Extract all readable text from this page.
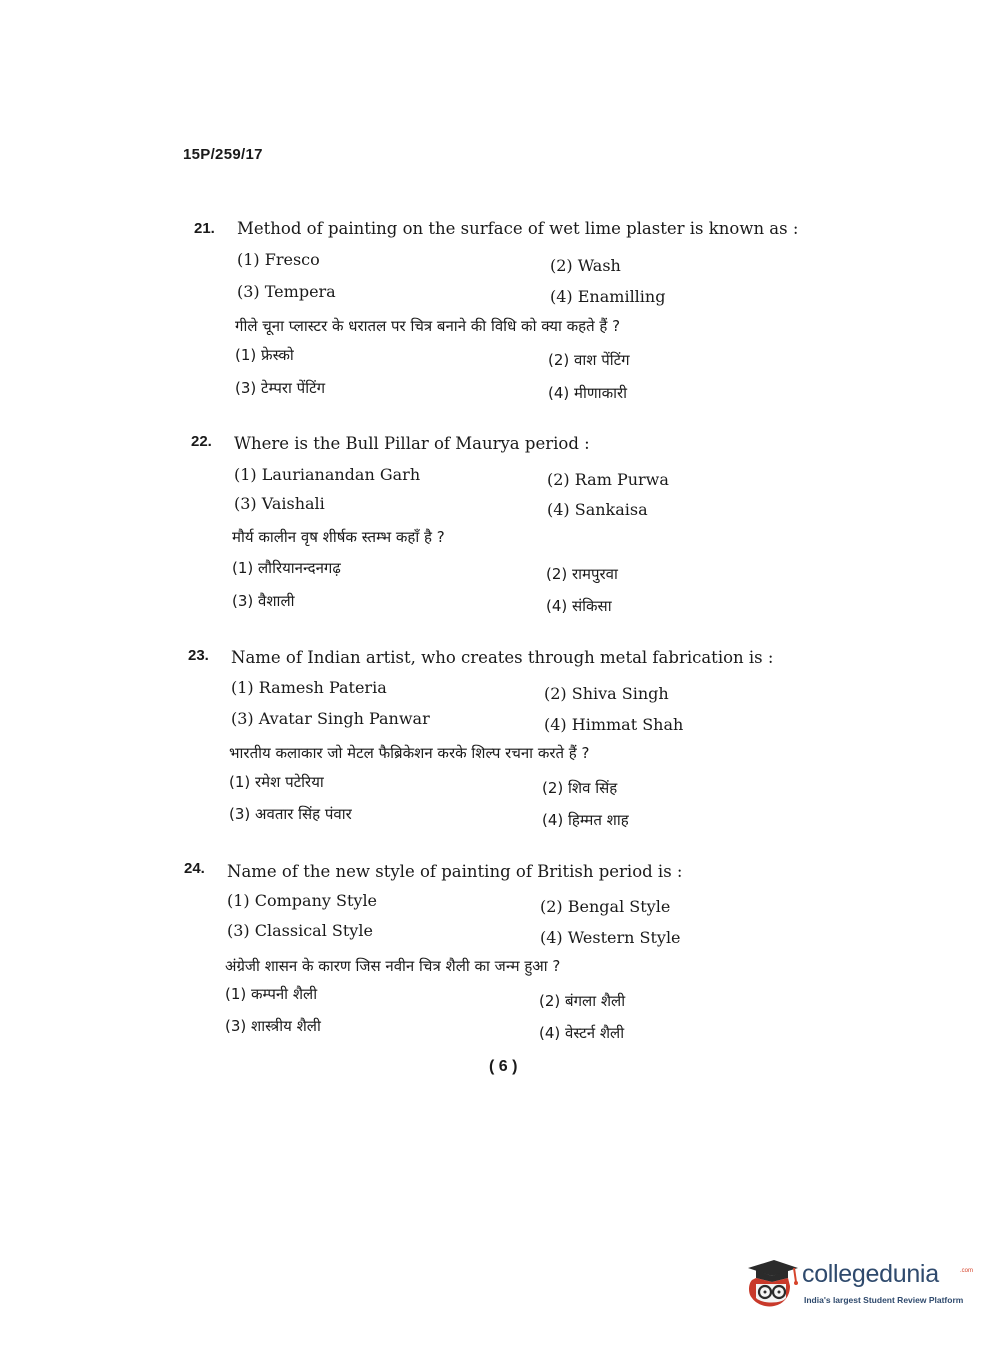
15P/259/17
21. Method of painting on the surface of wet lime plaster is known as :
(1) Fresco	(2) Wash
(3) Tempera	(4) Enamilling
गीले चूना प्लास्टर के धरातल पर चित्र बनाने की विधि को क्या कहते हैं ?
(1) फ्रेस्को	(2) वाश पेंटिंग
(3) टेम्परा पेंटिंग	(4) मीणाकारी
22. Where is the Bull Pillar of Maurya period :
(1) Laurianandan Garh	(2) Ram Purwa
(3) Vaishali	(4) Sankaisa
मौर्य कालीन वृष शीर्षक स्तम्भ कहाँ है ?
(1) लौरियानन्दनगढ़	(2) रामपुरवा
(3) वैशाली	(4) संकिसा
23. Name of Indian artist, who creates through metal fabrication is :
(1) Ramesh Pateria	(2) Shiva Singh
(3) Avatar Singh Panwar	(4) Himmat Shah
भारतीय कलाकार जो मेटल फैब्रिकेशन करके शिल्प रचना करते हैं ?
(1) रमेश पटेरिया	(2) शिव सिंह
(3) अवतार सिंह पंवार	(4) हिम्मत शाह
24. Name of the new style of painting of British period is :
(1) Company Style	(2) Bengal Style
(3) Classical Style	(4) Western Style
अंग्रेजी शासन के कारण जिस नवीन चित्र शैली का जन्म हुआ ?
(1) कम्पनी शैली	(2) बंगला शैली
(3) शास्त्रीय शैली	(4) वेस्टर्न शैली
( 6 )
collegedunia	.com
India's largest Student Review Platform
